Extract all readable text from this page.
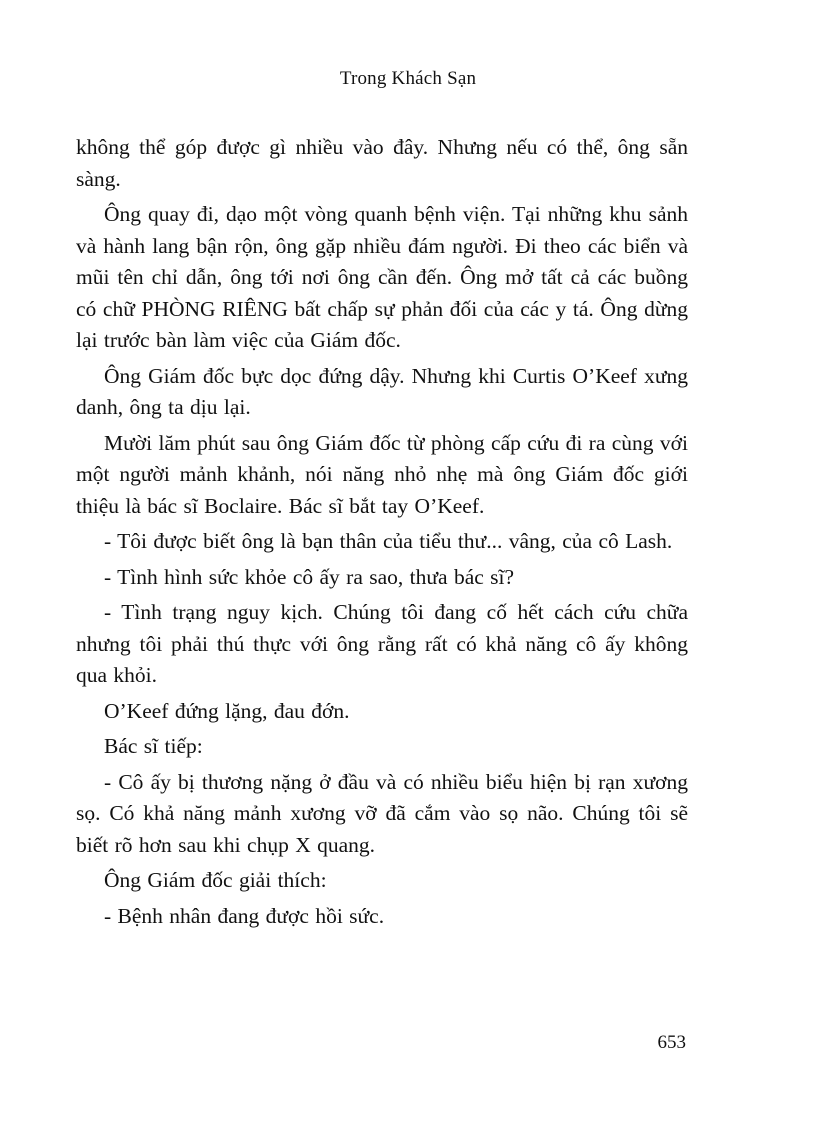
Trong Khách Sạn

không thể góp được gì nhiều vào đây. Nhưng nếu có thể, ông sẵn sàng.

Ông quay đi, dạo một vòng quanh bệnh viện. Tại những khu sảnh và hành lang bận rộn, ông gặp nhiều đám người. Đi theo các biển và mũi tên chỉ dẫn, ông tới nơi ông cần đến. Ông mở tất cả các buồng có chữ PHÒNG RIÊNG bất chấp sự phản đối của các y tá. Ông dừng lại trước bàn làm việc của Giám đốc.

Ông Giám đốc bực dọc đứng dậy. Nhưng khi Curtis O’Keef xưng danh, ông ta dịu lại.

Mười lăm phút sau ông Giám đốc từ phòng cấp cứu đi ra cùng với một người mảnh khảnh, nói năng nhỏ nhẹ mà ông Giám đốc giới thiệu là bác sĩ Boclaire. Bác sĩ bắt tay O’Keef.

- Tôi được biết ông là bạn thân của tiểu thư... vâng, của cô Lash.

- Tình hình sức khỏe cô ấy ra sao, thưa bác sĩ?

- Tình trạng nguy kịch. Chúng tôi đang cố hết cách cứu chữa nhưng tôi phải thú thực với ông rằng rất có khả năng cô ấy không qua khỏi.

O’Keef đứng lặng, đau đớn.

Bác sĩ tiếp:

- Cô ấy bị thương nặng ở đầu và có nhiều biểu hiện bị rạn xương sọ. Có khả năng mảnh xương vỡ đã cắm vào sọ não. Chúng tôi sẽ biết rõ hơn sau khi chụp X quang.

Ông Giám đốc giải thích:

- Bệnh nhân đang được hồi sức.

653
